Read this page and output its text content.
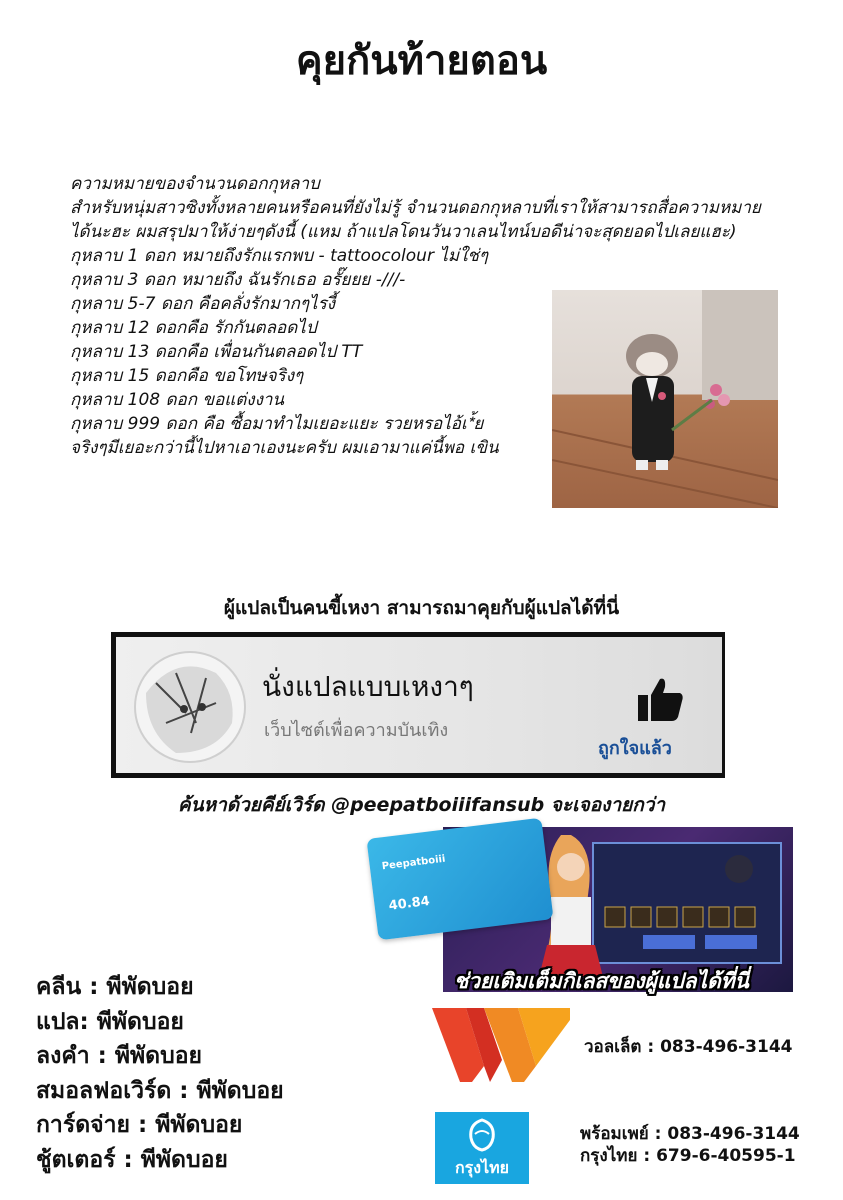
คุยกันท้ายตอน
ความหมายของจำนวนดอกกุหลาบ
สำหรับหนุ่มสาวซิงทั้งหลายคนหรือคนที่ยังไม่รู้ จำนวนดอกกุหลาบที่เราให้สามารถสื่อความหมาย
ได้นะฮะ ผมสรุปมาให้ง่ายๆดังนี้ (แหม ถ้าแปลโดนวันวาเลนไทน์บอดีน่าจะสุดยอดไปเลยแฮะ)
กุหลาบ 1 ดอก หมายถึงรักแรกพบ - tattoocolour ไม่ใช่ๆ
กุหลาบ 3 ดอก หมายถึง ฉันรักเธอ อรั๊ยยย -///-
กุหลาบ 5-7 ดอก คือคลั่งรักมากๆไรงี้
กุหลาบ 12 ดอกคือ รักกันตลอดไป
กุหลาบ 13 ดอกคือ เพื่อนกันตลอดไป TT
กุหลาบ 15 ดอกคือ ขอโทษจริงๆ
กุหลาบ 108 ดอก ขอแต่งงาน
กุหลาบ 999 ดอก คือ ซื้อมาทำไมเยอะแยะ รวยหรอไอ้เ*้ย
จริงๆมีเยอะกว่านี้ไปหาเอาเองนะครับ ผมเอามาแค่นี้พอ เขิน
ผู้แปลเป็นคนขี้เหงา สามารถมาคุยกับผู้แปลได้ที่นี่
นั่งแปลแบบเหงาๆ
เว็บไซต์เพื่อความบันเทิง
ถูกใจแล้ว
ค้นหาด้วยคีย์เวิร์ด @peepatboiiifansub จะเจองายกว่า
Peepatboiii
40.84
ช่วยเติมเต็มกิเลสของผู้แปลได้ที่นี่
คลีน : พีพัดบอย
แปล: พีพัดบอย
ลงคำ : พีพัดบอย
สมอลฟอเวิร์ด : พีพัดบอย
การ์ดจ่าย : พีพัดบอย
ชู้ตเตอร์ : พีพัดบอย
วอลเล็ต : 083-496-3144
กรุงไทย
พร้อมเพย์ : 083-496-3144
กรุงไทย : 679-6-40595-1
